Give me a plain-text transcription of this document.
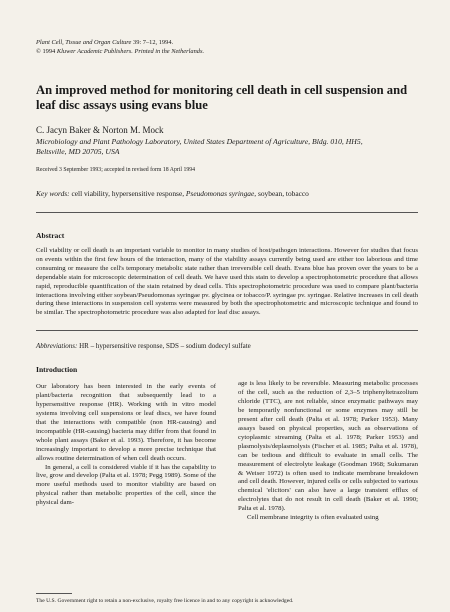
Plant Cell, Tissue and Organ Culture 39: 7–12, 1994.
© 1994 Kluwer Academic Publishers. Printed in the Netherlands.
An improved method for monitoring cell death in cell suspension and leaf disc assays using evans blue
C. Jacyn Baker & Norton M. Mock
Microbiology and Plant Pathology Laboratory, United States Department of Agriculture, Bldg. 010, HH5,
Beltsville, MD 20705, USA
Received 3 September 1993; accepted in revised form 18 April 1994
Key words: cell viability, hypersensitive response, Pseudomonas syringae, soybean, tobacco
Abstract

Cell viability or cell death is an important variable to monitor in many studies of host/pathogen interactions. However for studies that focus on events within the first few hours of the interaction, many of the viability assays currently being used are either too laborious and time consuming or measure the cell's temporary metabolic state rather than irreversible cell death. Evans blue has proven over the years to be a dependable stain for microscopic determination of cell death. We have used this stain to develop a spectrophotometric procedure that allows rapid, reproducible quantification of the stain retained by dead cells. This spectrophotometric procedure was used to compare plant/bacteria interactions involving either soybean/Pseudomonas syringae pv. glycinea or tobacco/P. syringae pv. syringae. Relative increases in cell death during these interactions in suspension cell systems were measured by both the spectrophotometric and microscopic technique and found to be similar. The spectrophotometric procedure was also adapted for leaf disc assays.

Abbreviations: HR – hypersensitive response, SDS – sodium dodecyl sulfate

Introduction

Our laboratory has been interested in the early events of plant/bacteria recognition that subsequently lead to a hypersensitive response (HR). Working with in vitro model systems involving cell suspensions or leaf discs, we have found that the interactions with compatible (non HR-causing) and incompatible (HR-causing) bacteria may differ from that found in whole plant assays (Baker et al. 1993). Therefore, it has become increasingly important to develop a more precise technique that allows routine determination of when cell death occurs.

In general, a cell is considered viable if it has the capability to live, grow and develop (Palta et al. 1978; Pegg 1989). Some of the more useful methods used to monitor viability are based on physical rather than metabolic properties of the cell, since the physical dam-

age is less likely to be reversible. Measuring metabolic processes of the cell, such as the reduction of 2,3–5 triphenyltetrazolium chloride (TTC), are not reliable, since enzymatic pathways may be temporarily nonfunctional or some enzymes may still be present after cell death (Palta et al. 1978; Parker 1953). Many assays based on physical properties, such as observations of cytoplasmic streaming (Palta et al. 1978; Parker 1953) and plasmolysis/deplasmolysis (Fischer et al. 1985; Palta et al. 1978), can be tedious and difficult to evaluate in small cells. The measurement of electrolyte leakage (Goodman 1968; Sukumaran & Weiser 1972) is often used to indicate membrane breakdown and cell death. However, injured cells or cells subjected to various chemical 'elicitors' can also have a large transient efflux of electrolytes that do not result in cell death (Baker et al. 1990; Palta et al. 1978).

Cell membrane integrity is often evaluated using

The U.S. Government right to retain a non-exclusive, royalty free licence in and to any copyright is acknowledged.
